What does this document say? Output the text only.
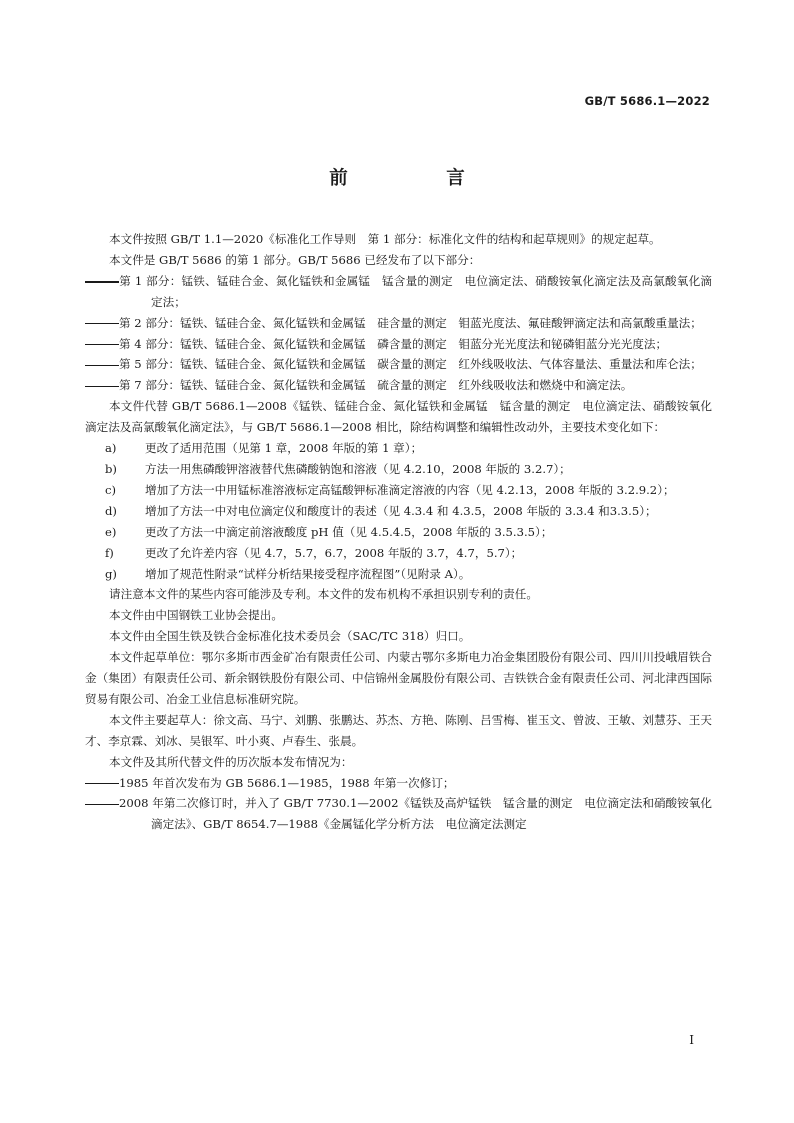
GB/T 5686.1—2022
前　言

本文件按照 GB/T 1.1—2020《标准化工作导则　第 1 部分：标准化文件的结构和起草规则》的规定起草。

本文件是 GB/T 5686 的第 1 部分。GB/T 5686 已经发布了以下部分：

第 1 部分：锰铁、锰硅合金、氮化锰铁和金属锰　锰含量的测定　电位滴定法、硝酸铵氧化滴定法及高氯酸氧化滴定法；

第 2 部分：锰铁、锰硅合金、氮化锰铁和金属锰　硅含量的测定　钼蓝光度法、氟硅酸钾滴定法和高氯酸重量法；

第 4 部分：锰铁、锰硅合金、氮化锰铁和金属锰　磷含量的测定　钼蓝分光光度法和铋磷钼蓝分光光度法；

第 5 部分：锰铁、锰硅合金、氮化锰铁和金属锰　碳含量的测定　红外线吸收法、气体容量法、重量法和库仑法；

第 7 部分：锰铁、锰硅合金、氮化锰铁和金属锰　硫含量的测定　红外线吸收法和燃烧中和滴定法。

本文件代替 GB/T 5686.1—2008《锰铁、锰硅合金、氮化锰铁和金属锰　锰含量的测定　电位滴定法、硝酸铵氧化滴定法及高氯酸氧化滴定法》，与 GB/T 5686.1—2008 相比，除结构调整和编辑性改动外，主要技术变化如下：

a) 更改了适用范围（见第 1 章，2008 年版的第 1 章）；

b) 方法一用焦磷酸钾溶液替代焦磷酸钠饱和溶液（见 4.2.10，2008 年版的 3.2.7）；

c) 增加了方法一中用锰标准溶液标定高锰酸钾标准滴定溶液的内容（见 4.2.13，2008 年版的 3.2.9.2）；

d) 增加了方法一中对电位滴定仪和酸度计的表述（见 4.3.4 和 4.3.5，2008 年版的 3.3.4 和3.3.5）；

e) 更改了方法一中滴定前溶液酸度 pH 值（见 4.5.4.5，2008 年版的 3.5.3.5）；

f)	更改了允许差内容（见 4.7，5.7，6.7，2008 年版的 3.7，4.7，5.7）；

g) 增加了规范性附录“试样分析结果接受程序流程图”（见附录 A）。

请注意本文件的某些内容可能涉及专利。本文件的发布机构不承担识别专利的责任。

本文件由中国钢铁工业协会提出。

本文件由全国生铁及铁合金标准化技术委员会（SAC/TC 318）归口。

本文件起草单位：鄂尔多斯市西金矿冶有限责任公司、内蒙古鄂尔多斯电力冶金集团股份有限公司、四川川投峨眉铁合金（集团）有限责任公司、新余钢铁股份有限公司、中信锦州金属股份有限公司、吉铁铁合金有限责任公司、河北津西国际贸易有限公司、冶金工业信息标准研究院。

本文件主要起草人：徐文高、马宁、刘鹏、张鹏达、苏杰、方艳、陈刚、吕雪梅、崔玉文、曾波、王敏、刘慧芬、王天才、李京霖、刘冰、吴银军、叶小爽、卢春生、张晨。

本文件及其所代替文件的历次版本发布情况为：

1985 年首次发布为 GB 5686.1—1985，1988 年第一次修订；

2008 年第二次修订时，并入了 GB/T 7730.1—2002《锰铁及高炉锰铁　锰含量的测定　电位滴定法和硝酸铵氧化滴定法》、GB/T 8654.7—1988《金属锰化学分析方法　电位滴定法测定

I
